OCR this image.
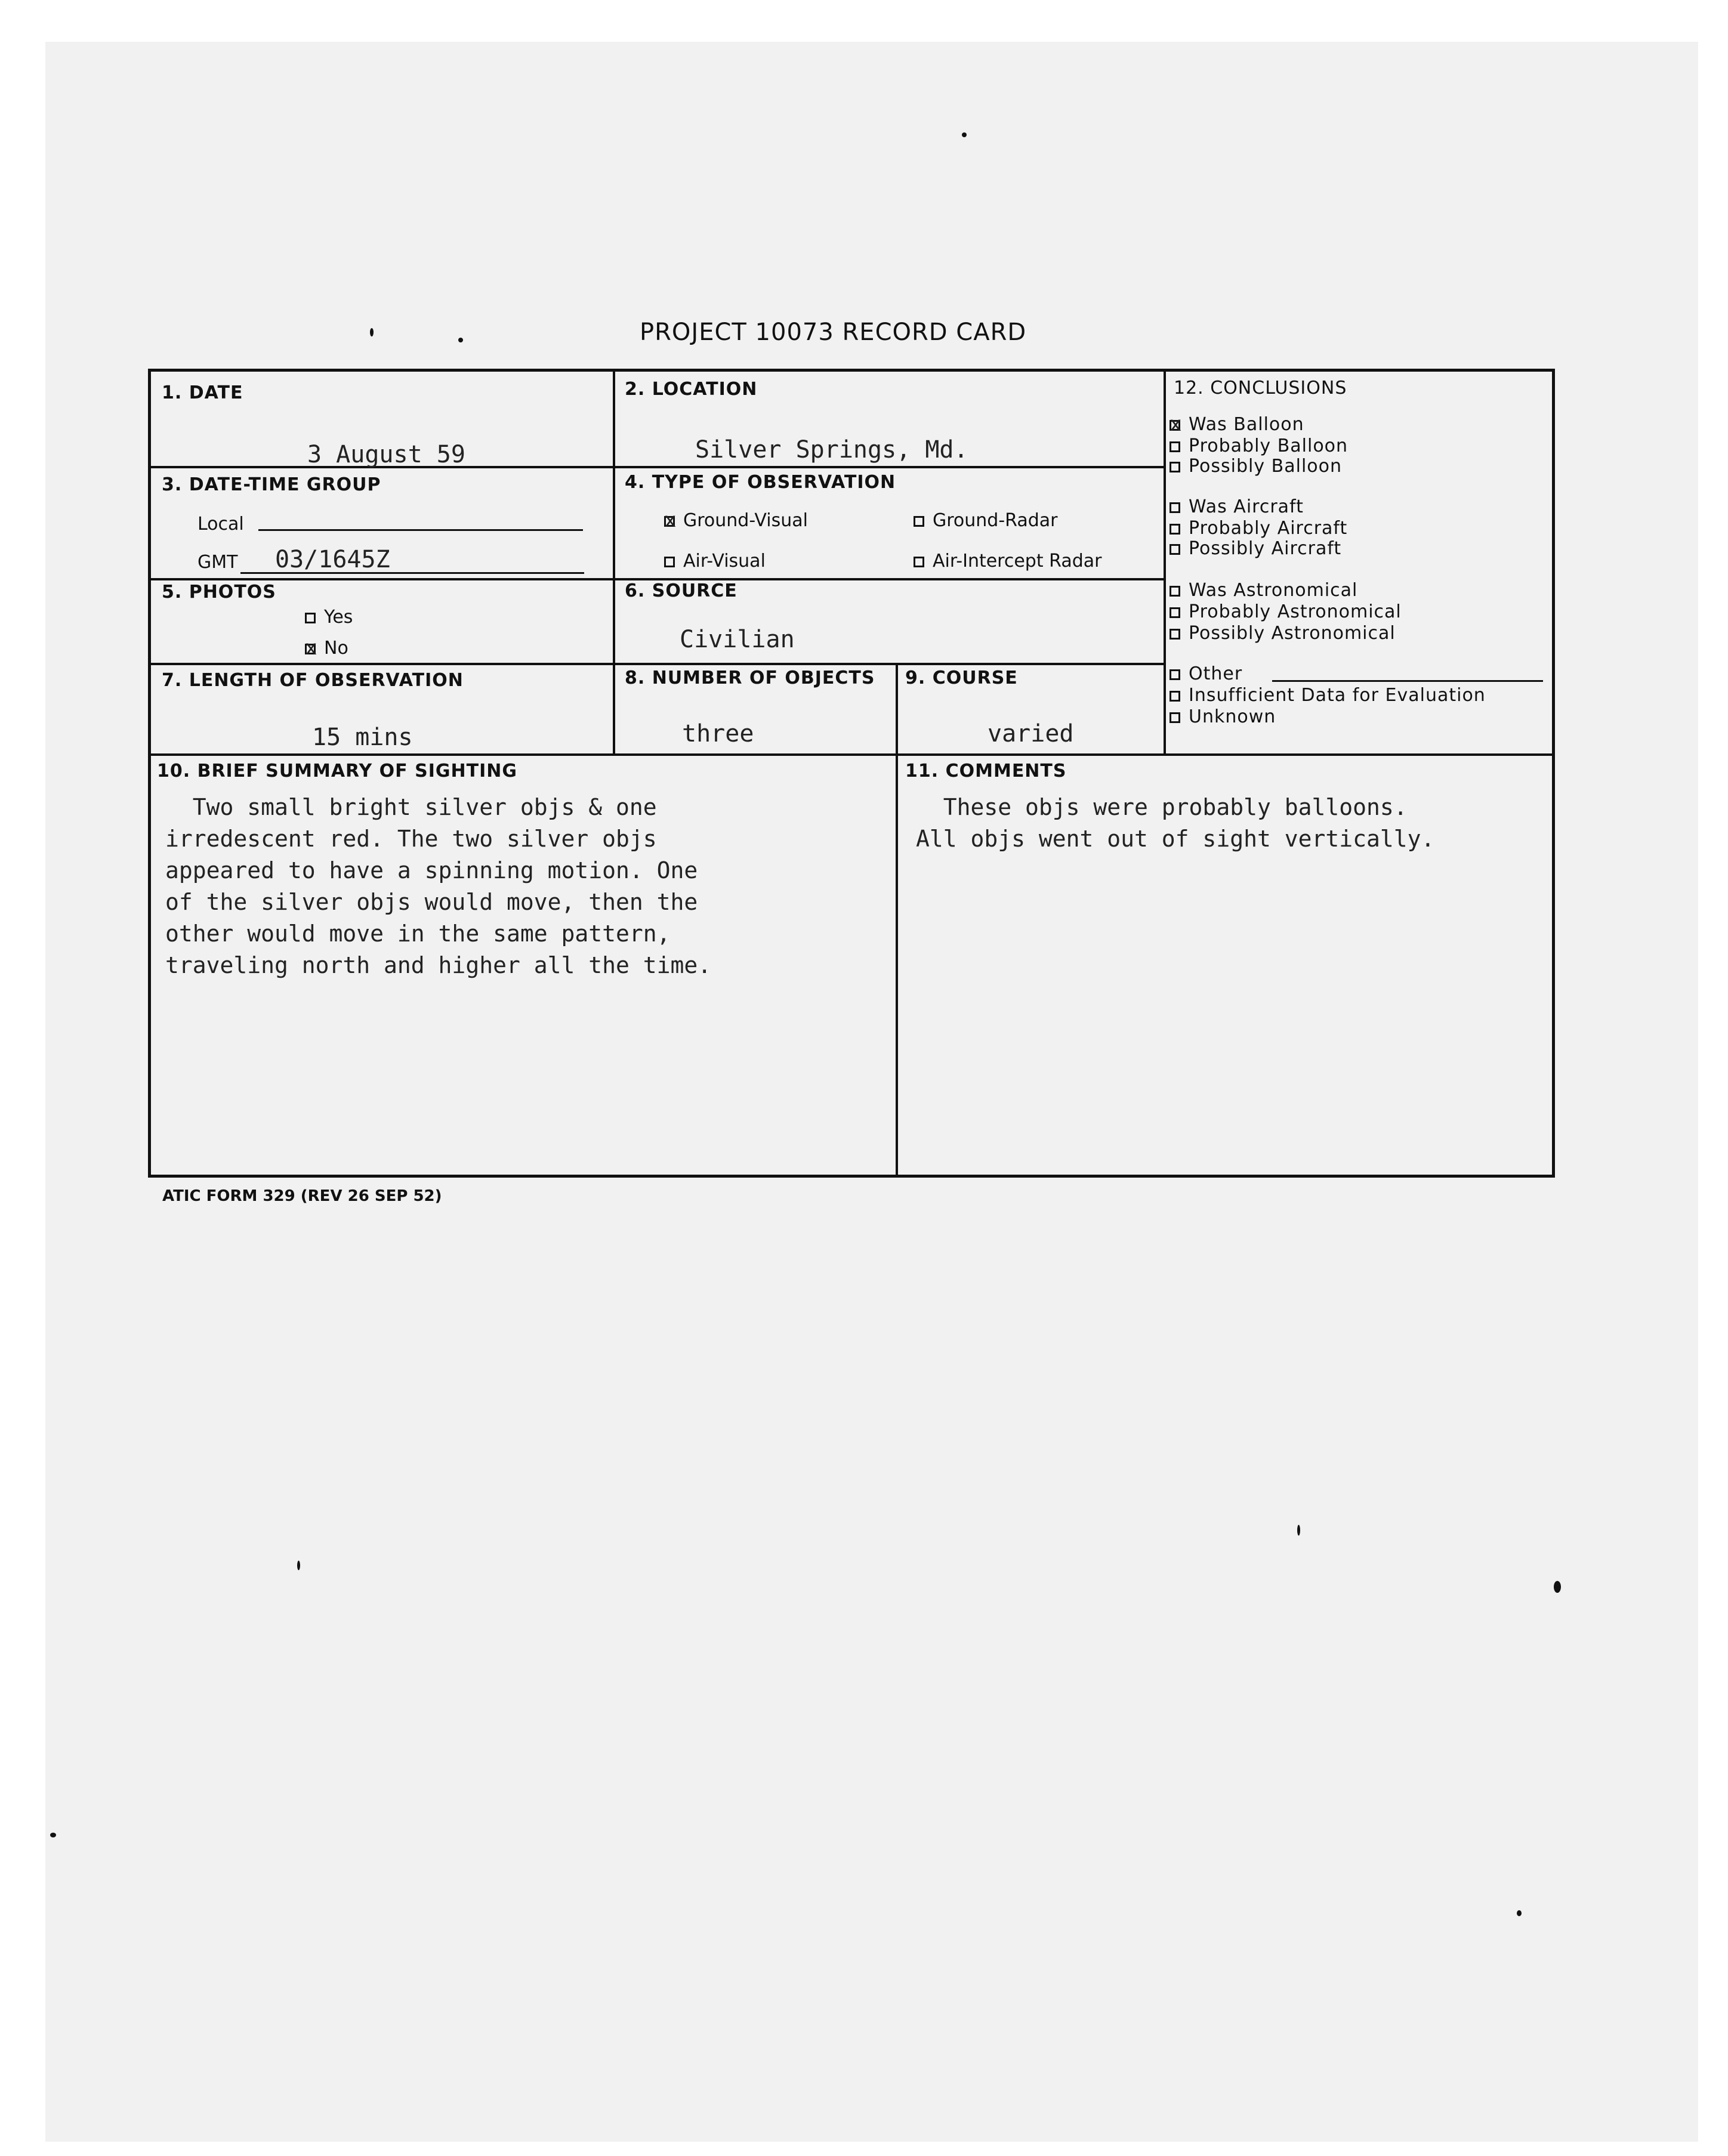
PROJECT 10073 RECORD CARD
1. DATE
3 August 59
2. LOCATION
Silver Springs, Md.
3. DATE-TIME GROUP
Local
GMT 03/1645Z
4. TYPE OF OBSERVATION
xGround-Visual	Ground-Radar
Air-Visual	Air-Intercept Radar
5. PHOTOS
Yes
xNo
6. SOURCE
Civilian
7. LENGTH OF OBSERVATION
15 mins
8. NUMBER OF OBJECTS
three
9. COURSE
varied
10. BRIEF SUMMARY OF SIGHTING
Two small bright silver objs & one
irredescent red. The two silver objs
appeared to have a spinning motion. One
of the silver objs would move, then the
other would move in the same pattern,
traveling north and higher all the time.
11. COMMENTS
These objs were probably balloons.
All objs went out of sight vertically.
12. CONCLUSIONS
xWas Balloon
Probably Balloon
Possibly Balloon
Was Aircraft
Probably Aircraft
Possibly Aircraft
Was Astronomical
Probably Astronomical
Possibly Astronomical
Other
Insufficient Data for Evaluation
Unknown
ATIC FORM 329 (REV 26 SEP 52)
